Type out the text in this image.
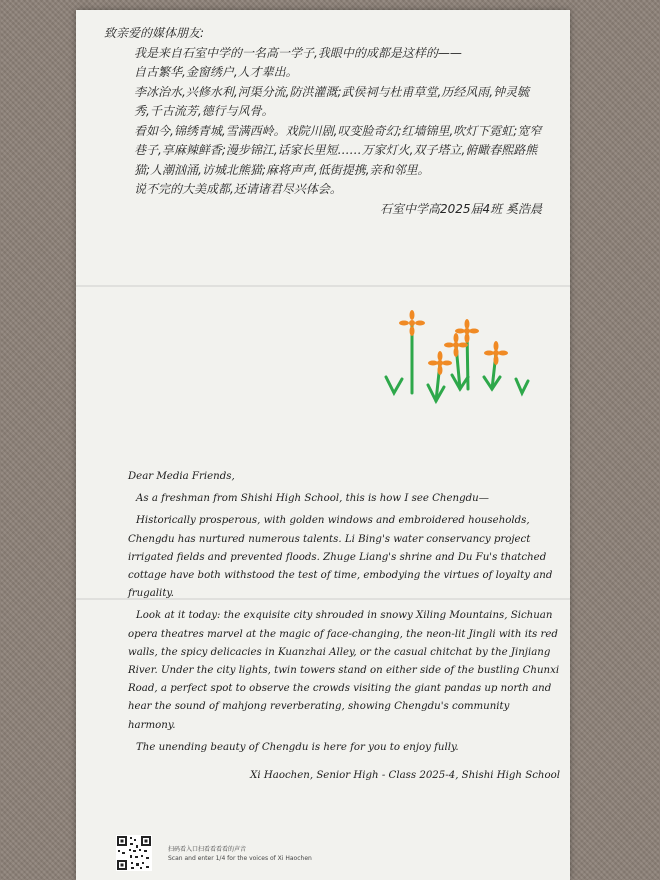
致亲爱的媒体朋友:

我是来自石室中学的一名高一学子,我眼中的成都是这样的——

自古繁华,金窗绣户,人才辈出。

李冰治水,兴修水利,河渠分流,防洪灌溉;武侯祠与杜甫草堂,历经风雨,钟灵毓秀,千古流芳,德行与风骨。

看如今,锦绣青城,雪满西岭。戏院川剧,叹变脸奇幻;红墙锦里,吹灯下霓虹;宽窄巷子,享麻辣鲜香;漫步锦江,话家长里短……万家灯火,双子塔立,俯瞰春熙路熊猫;人潮汹涌,访城北熊猫;麻将声声,低街提携,亲和邻里。

说不完的大美成都,还请诸君尽兴体会。

石室中学高2025届4班 奚浩晨

Dear Media Friends,

As a freshman from Shishi High School, this is how I see Chengdu—

Historically prosperous, with golden windows and embroidered households, Chengdu has nurtured numerous talents. Li Bing's water conservancy project irrigated fields and prevented floods. Zhuge Liang's shrine and Du Fu's thatched cottage have both withstood the test of time, embodying the virtues of loyalty and frugality.

Look at it today: the exquisite city shrouded in snowy Xiling Mountains, Sichuan opera theatres marvel at the magic of face-changing, the neon-lit Jingli with its red walls, the spicy delicacies in Kuanzhai Alley, or the casual chitchat by the Jinjiang River. Under the city lights, twin towers stand on either side of the bustling Chunxi Road, a perfect spot to observe the crowds visiting the giant pandas up north and hear the sound of mahjong reverberating, showing Chengdu's community harmony.

The unending beauty of Chengdu is here for you to enjoy fully.

Xi Haochen, Senior High - Class 2025-4, Shishi High School

扫码看入口扫看看看看的声音
Scan and enter 1/4 for the voices of Xi Haochen
